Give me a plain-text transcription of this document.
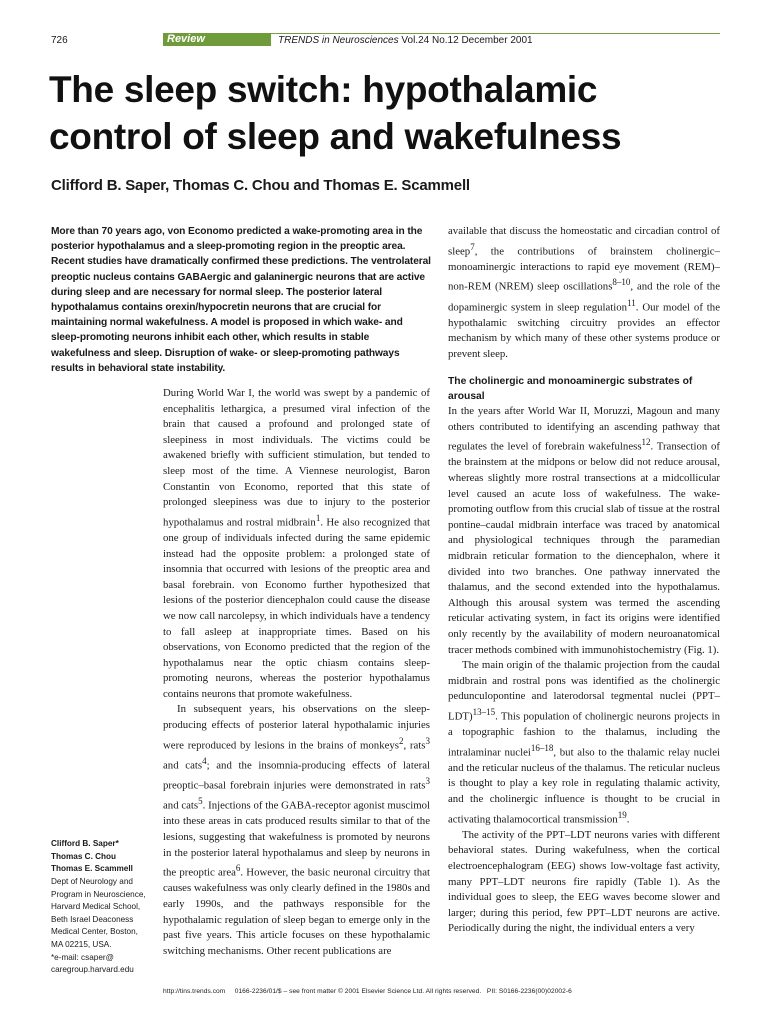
726	Review	TRENDS in Neurosciences Vol.24 No.12 December 2001
The sleep switch: hypothalamic
control of sleep and wakefulness
Clifford B. Saper, Thomas C. Chou and Thomas E. Scammell
More than 70 years ago, von Economo predicted a wake-promoting area in the posterior hypothalamus and a sleep-promoting region in the preoptic area. Recent studies have dramatically confirmed these predictions. The ventrolateral preoptic nucleus contains GABAergic and galaninergic neurons that are active during sleep and are necessary for normal sleep. The posterior lateral hypothalamus contains orexin/hypocretin neurons that are crucial for maintaining normal wakefulness. A model is proposed in which wake- and sleep-promoting neurons inhibit each other, which results in stable wakefulness and sleep. Disruption of wake- or sleep-promoting pathways results in behavioral state instability.

During World War I, the world was swept by a pandemic of encephalitis lethargica, a presumed viral infection of the brain that caused a profound and prolonged state of sleepiness in most individuals. The victims could be awakened briefly with sufficient stimulation, but tended to sleep most of the time. A Viennese neurologist, Baron Constantin von Economo, reported that this state of prolonged sleepiness was due to injury to the posterior hypothalamus and rostral midbrain$^1$. He also recognized that one group of individuals infected during the same epidemic instead had the opposite problem: a prolonged state of insomnia that occurred with lesions of the preoptic area and basal forebrain. von Economo further hypothesized that lesions of the posterior diencephalon could cause the disease we now call narcolepsy, in which individuals have a tendency to fall asleep at inappropriate times. Based on his observations, von Economo predicted that the region of the hypothalamus near the optic chiasm contains sleep-promoting neurons, whereas the posterior hypothalamus contains neurons that promote wakefulness.

In subsequent years, his observations on the sleep-producing effects of posterior lateral hypothalamic injuries were reproduced by lesions in the brains of monkeys$^2$, rats$^3$ and cats$^4$; and the insomnia-producing effects of lateral preoptic–basal forebrain injuries were demonstrated in rats$^3$ and cats$^5$. Injections of the GABA-receptor agonist muscimol into these areas in cats produced results similar to that of the lesions, suggesting that wakefulness is promoted by neurons in the posterior lateral hypothalamus and sleep by neurons in the preoptic area$^6$. However, the basic neuronal circuitry that causes wakefulness was only clearly defined in the 1980s and early 1990s, and the pathways responsible for the hypothalamic regulation of sleep began to emerge only in the past five years. This article focuses on these hypothalamic switching mechanisms. Other recent publications are

available that discuss the homeostatic and circadian control of sleep$^7$, the contributions of brainstem cholinergic–monoaminergic interactions to rapid eye movement (REM)–non-REM (NREM) sleep oscillations$^{8-10}$, and the role of the dopaminergic system in sleep regulation$^{11}$. Our model of the hypothalamic switching circuitry provides an effector mechanism by which many of these other systems produce or prevent sleep.

The cholinergic and monoaminergic substrates of arousal

In the years after World War II, Moruzzi, Magoun and many others contributed to identifying an ascending pathway that regulates the level of forebrain wakefulness$^{12}$. Transection of the brainstem at the midpons or below did not reduce arousal, whereas slightly more rostral transections at a midcollicular level caused an acute loss of wakefulness. The wake-promoting outflow from this crucial slab of tissue at the rostral pontine–caudal midbrain interface was traced by anatomical and physiological techniques through the paramedian midbrain reticular formation to the diencephalon, where it divided into two branches. One pathway innervated the thalamus, and the second extended into the hypothalamus. Although this arousal system was termed the ascending reticular activating system, in fact its origins were identified only recently by the availability of modern neuroanatomical tracer methods combined with immunohistochemistry (Fig. 1).

The main origin of the thalamic projection from the caudal midbrain and rostral pons was identified as the cholinergic pedunculopontine and laterodorsal tegmental nuclei $(PPT-LDT)^{13-15}$. This population of cholinergic neurons projects in a topographic fashion to the thalamus, including the intralaminar nuclei$^{16-18}$, but also to the thalamic relay nuclei and the reticular nucleus of the thalamus. The reticular nucleus is thought to play a key role in regulating thalamic activity, and the cholinergic influence is thought to be crucial in activating thalamocortical transmission$^{19}$.

The activity of the PPT–LDT neurons varies with different behavioral states. During wakefulness, when the cortical electroencephalogram (EEG) shows low-voltage fast activity, many PPT–LDT neurons fire rapidly (Table 1). As the individual goes to sleep, the EEG waves become slower and larger; during this period, few PPT–LDT neurons are active. Periodically during the night, the individual enters a very

Clifford B. Saper*
Thomas C. Chou
Thomas E. Scammell
Dept of Neurology and
Program in Neuroscience,
Harvard Medical School,
Beth Israel Deaconess
Medical Center, Boston,
MA 02215, USA.
*e-mail: csaper@
caregroup.harvard.edu
http://tins.trends.com 0166-2236/01/$ – see front matter © 2001 Elsevier Science Ltd. All rights reserved. PII: S0166-2236(00)02002-6
